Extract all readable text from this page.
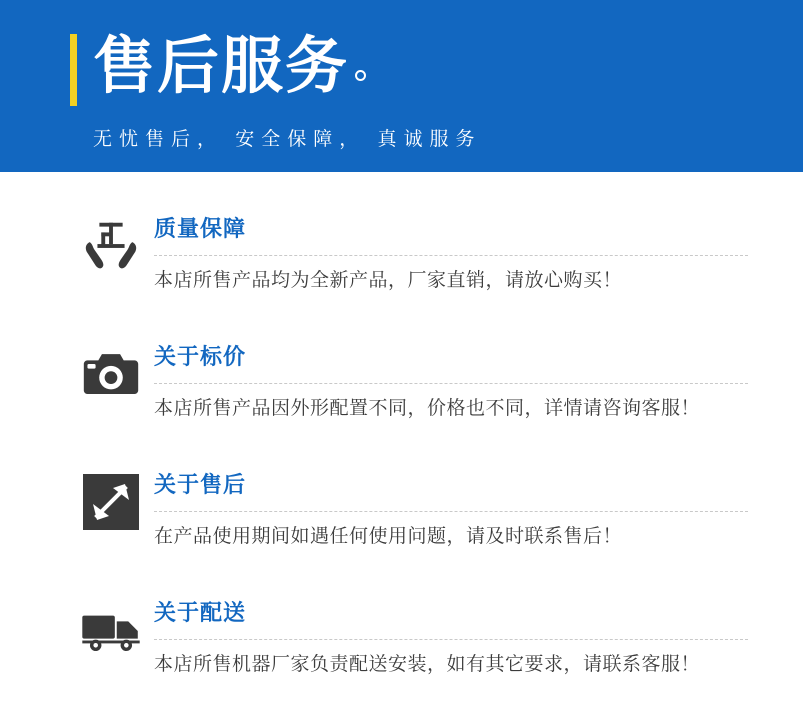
售后服务
无忧售后， 安全保障， 真诚服务
质量保障
本店所售产品均为全新产品，厂家直销，请放心购买！
关于标价
本店所售产品因外形配置不同，价格也不同，详情请咨询客服！
关于售后
在产品使用期间如遇任何使用问题，请及时联系售后！
关于配送
本店所售机器厂家负责配送安装，如有其它要求，请联系客服！
